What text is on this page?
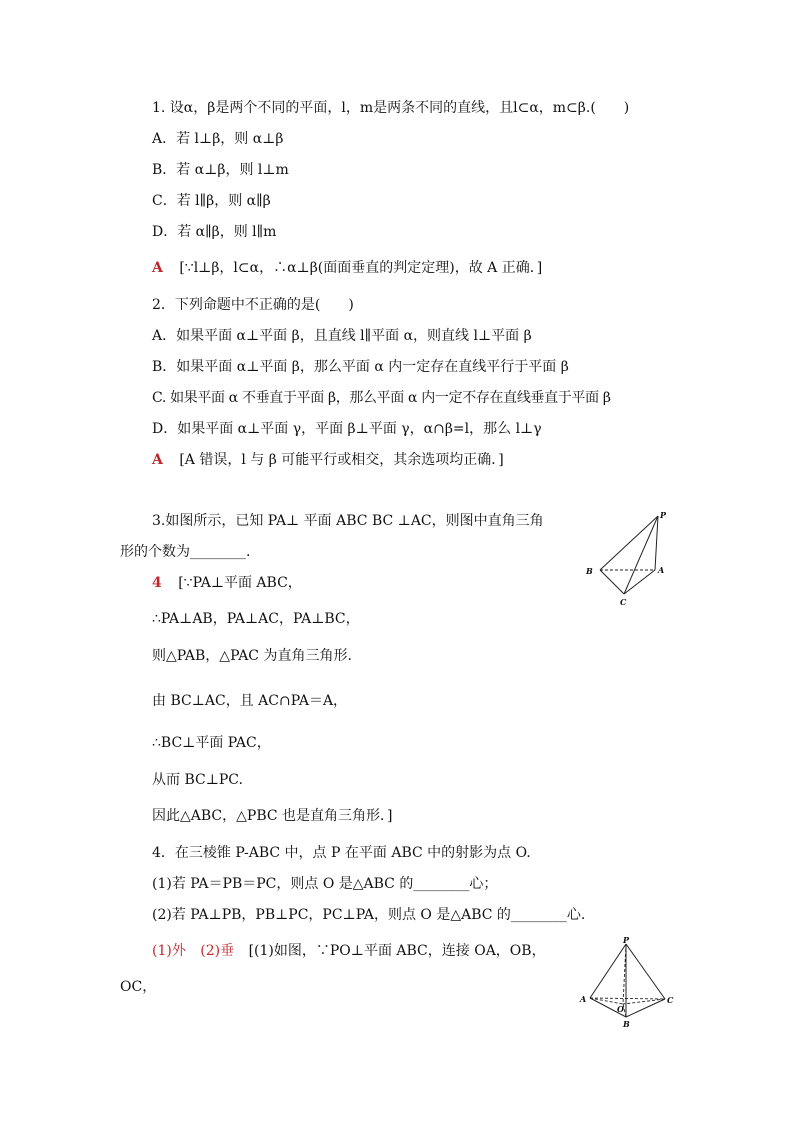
1. 设α，β是两个不同的平面，l，m是两条不同的直线，且l⊂α，m⊂β.(　　)
A．若 l⊥β，则 α⊥β
B．若 α⊥β，则 l⊥m
C．若 l∥β，则 α∥β
D．若 α∥β，则 l∥m
A [∵l⊥β，l⊂α，∴α⊥β(面面垂直的判定定理)，故 A 正确．]
2．下列命题中不正确的是(　　)
A．如果平面 α⊥平面 β，且直线 l∥平面 α，则直线 l⊥平面 β
B．如果平面 α⊥平面 β，那么平面 α 内一定存在直线平行于平面 β
C. 如果平面 α 不垂直于平面 β，那么平面 α 内一定不存在直线垂直于平面 β
D．如果平面 α⊥平面 γ，平面 β⊥平面 γ，α∩β=l，那么 l⊥γ
A [A 错误，l 与 β 可能平行或相交，其余选项均正确．]
3.如图所示，已知 PA⊥ 平面 ABC BC ⊥AC，则图中直角三角
形的个数为________.
4 [∵PA⊥平面 ABC，
∴PA⊥AB，PA⊥AC，PA⊥BC，
则△PAB，△PAC 为直角三角形.
由 BC⊥AC，且 AC∩PA＝A，
∴BC⊥平面 PAC，
从而 BC⊥PC.
因此△ABC，△PBC 也是直角三角形．]
P
A
B
C
4．在三棱锥 P-ABC 中，点 P 在平面 ABC 中的射影为点 O.
(1)若 PA＝PB＝PC，则点 O 是△ABC 的________心；
(2)若 PA⊥PB，PB⊥PC，PC⊥PA，则点 O 是△ABC 的________心.
(1)外 (2)垂 [(1)如图，∵PO⊥平面 ABC，连接 OA，OB，
OC，
P
A	C
B
O
